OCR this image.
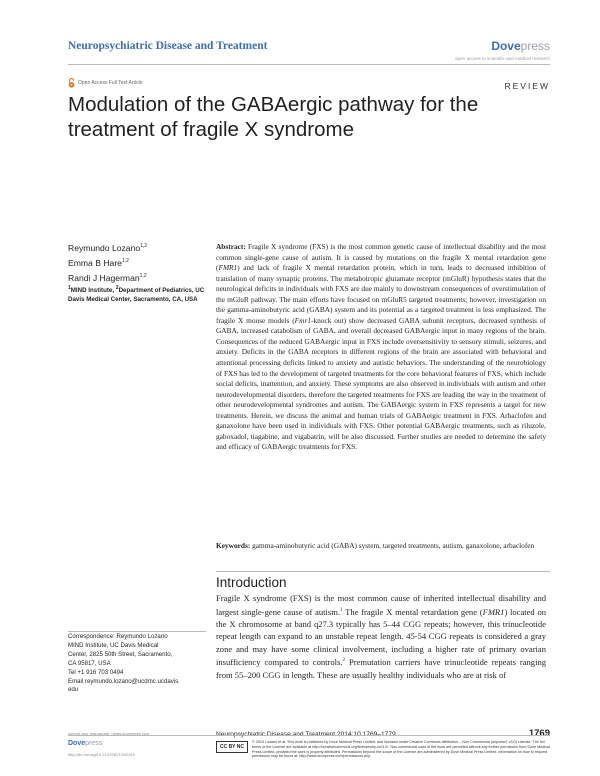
Neuropsychiatric Disease and Treatment	Dovepress
open access to scientific and medical research
Open Access Full Text Article	REVIEW
Modulation of the GABAergic pathway for the treatment of fragile X syndrome
Reymundo Lozano$^{1,2}$
Emma B Hare$^{1,2}$
Randi J Hagerman$^{1,2}$
$^1$MIND Institute, $^2$Department of Pediatrics, UC Davis Medical Center, Sacramento, CA, USA
Abstract: Fragile X syndrome (FXS) is the most common genetic cause of intellectual disability and the most common single-gene cause of autism. It is caused by mutations on the fragile X mental retardation gene (FMR1) and lack of fragile X mental retardation protein, which in turn, leads to decreased inhibition of translation of many synaptic proteins. The metabotropic glutamate receptor (mGluR) hypothesis states that the neurological deficits in individuals with FXS are due mainly to downstream consequences of overstimulation of the mGluR pathway. The main efforts have focused on mGluR5 targeted treatments; however, investigation on the gamma-aminobutyric acid (GABA) system and its potential as a targeted treatment is less emphasized. The fragile X mouse models (Fmr1-knock out) show decreased GABA subunit receptors, decreased synthesis of GABA, increased catabolism of GABA, and overall decreased GABAergic input in many regions of the brain. Consequences of the reduced GABAergic input in FXS include oversensitivity to sensory stimuli, seizures, and anxiety. Deficits in the GABA receptors in different regions of the brain are associated with behavioral and attentional processing deficits linked to anxiety and autistic behaviors. The understanding of the neurobiology of FXS has led to the development of targeted treatments for the core behavioral features of FXS, which include social deficits, inattention, and anxiety. These symptoms are also observed in individuals with autism and other neurodevelopmental disorders, therefore the targeted treatments for FXS are leading the way in the treatment of other neurodevelopmental syndromes and autism. The GABAergic system in FXS represents a target for new treatments. Herein, we discuss the animal and human trials of GABAergic treatment in FXS. Arbaclofen and ganaxolone have been used in individuals with FXS. Other potential GABAergic treatments, such as riluzole, gaboxadol, tiagabine, and vigabatrin, will be also discussed. Further studies are needed to determine the safety and efficacy of GABAergic treatments for FXS.
Keywords: gamma-aminobutyric acid (GABA) system, targeted treatments, autism, ganaxolone, arbaclofen
Introduction
Fragile X syndrome (FXS) is the most common cause of inherited intellectual disability and largest single-gene cause of autism.$^1$ The fragile X mental retardation gene (FMR1) located on the X chromosome at band q27.3 typically has 5–44 CGG repeats; however, this trinucleotide repeat length can expand to an unstable repeat length. 45-54 CGG repeats is considered a gray zone and may have some clinical involvement, including a higher rate of primary ovarian insufficiency compared to controls.$^2$ Premutation carriers have trinucleotide repeats ranging from 55–200 CGG in length. These are usually healthy individuals who are at risk of
Correspondence: Reymundo Lozano
MIND Institute, UC Davis Medical
Center, 2825 50th Street, Sacramento,
CA 95817, USA
Tel +1 916 703 0494
Email reymundo.lozano@ucdmc.ucdavis.
edu
submit your manuscript | www.dovepress.com	Neuropsychiatric Disease and Treatment 2014:10 1769–1779	1769
Dovepress
http://dx.doi.org/10.2147/NDT.S42919
CC BY NC
© 2014 Lozano et al. This work is published by Dove Medical Press Limited, and licensed under Creative Commons Attribution – Non Commercial (unported, v3.0) License. The full terms of the License are available at http://creativecommons.org/licenses/by-nc/3.0/. Non-commercial uses of the work are permitted without any further permission from Dove Medical Press Limited, provided the work is properly attributed. Permissions beyond the scope of the License are administered by Dove Medical Press Limited. Information on how to request permission may be found at: http://www.dovepress.com/permissions.php
